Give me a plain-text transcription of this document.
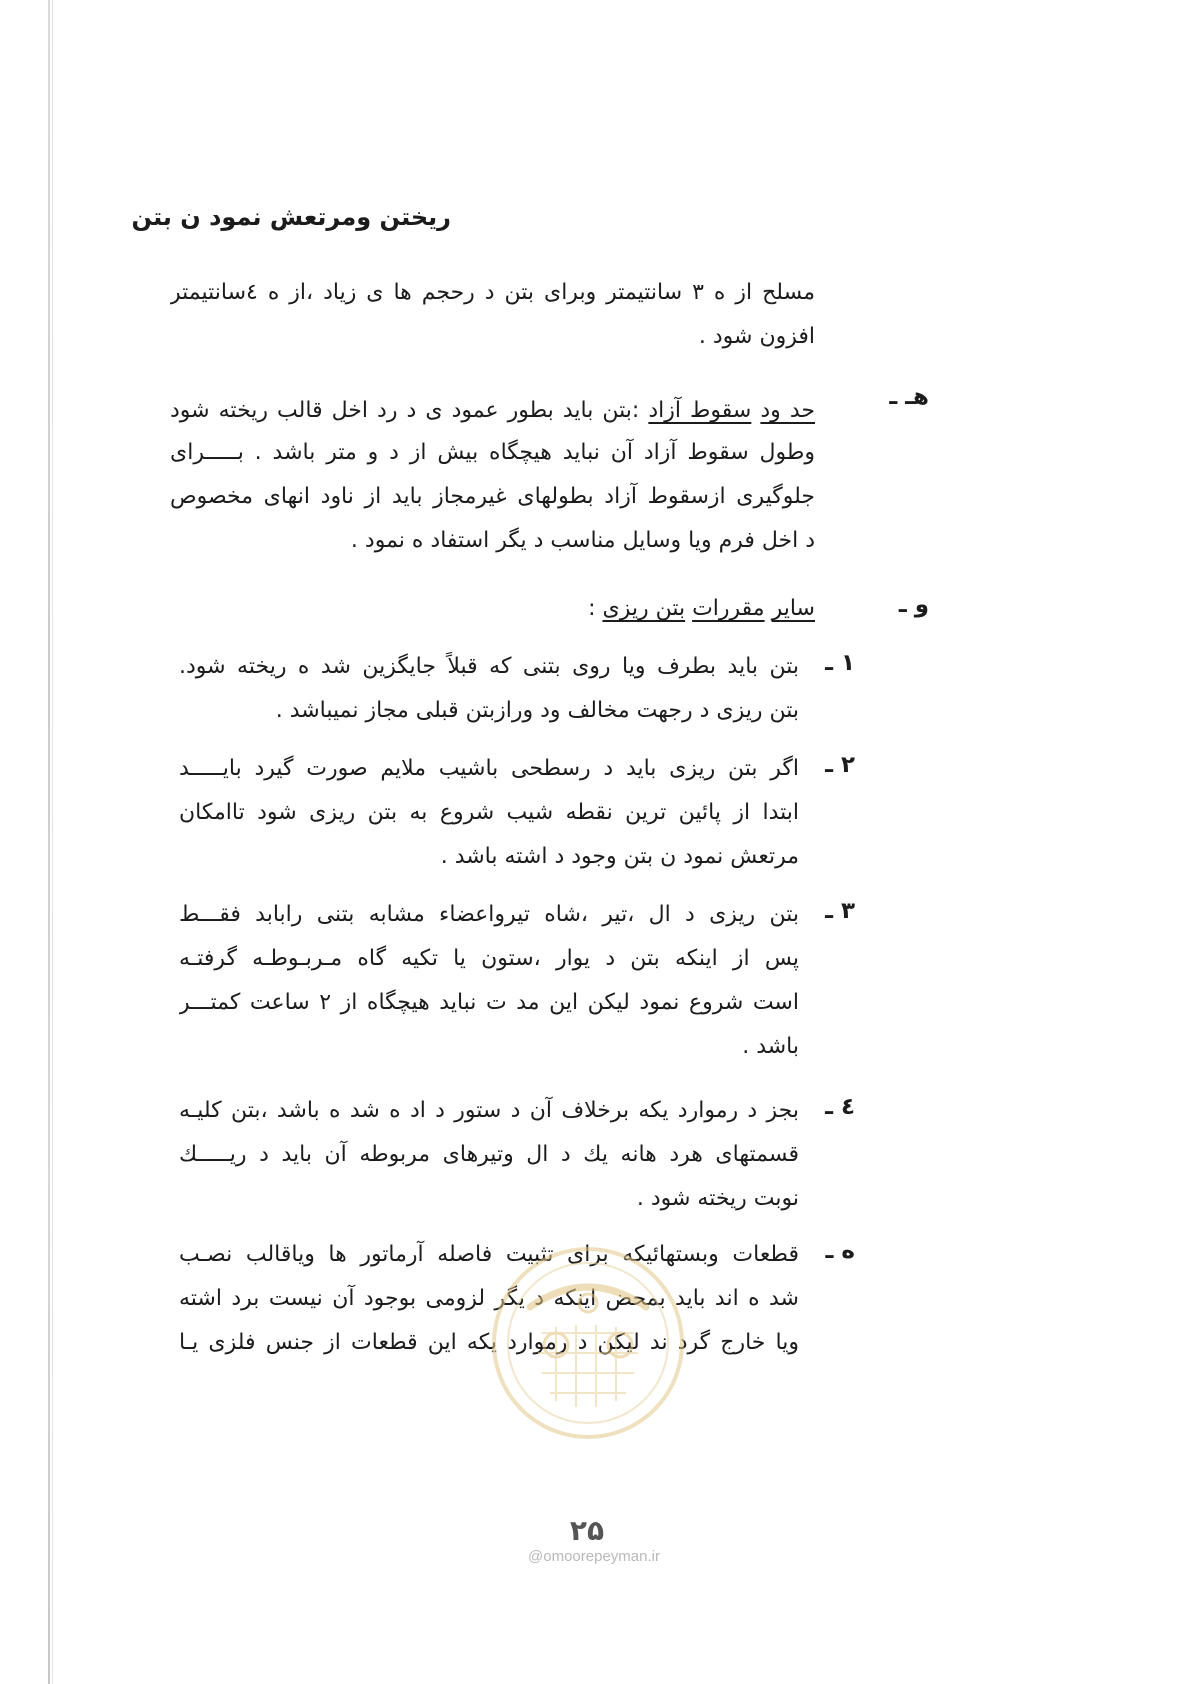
ریختن ومرتعش نمود ن بتن
مسلح از ه ۳ سانتیمتر وبرای بتن د رحجم ها ی زیاد ،از ه ٤سانتیمتر
افزون شود .
هـ ـ
حد ود سقوط آزاد :بتن باید بطور عمود ی د رد اخل قالب ریخته شود
وطول سقوط آزاد آن نباید هیچگاه بیش از د و متر باشد . بـــــرای
جلوگیری ازسقوط آزاد بطولهای غیرمجاز باید از ناود انهای مخصوص
د اخل فرم ویا وسایل مناسب د یگر استفاد ه نمود .
و ـ
سایر مقررات بتن ریزی :
۱ ـ
بتن باید بطرف ویا روی بتنی که قبلاً جایگزین شد ه ریخته شود.
بتن ریزی د رجهت مخالف ود ورازبتن قبلی مجاز نمیباشد .
۲ ـ
اگر بتن ریزی باید د رسطحی باشیب ملایم صورت گیرد بایـــــد
ابتدا از پائین ترین نقطه شیب شروع به بتن ریزی شود تاامکان
مرتعش نمود ن بتن وجود د اشته باشد .
۳ ـ
بتن ریزی د ال ،تیر ،شاه تیرواعضاء مشابه بتنی رابابد فقـــط
پس از اینکه بتن د یوار ،ستون یا تکیه گاه مـربـوطـه گرفتـه
است شروع نمود لیکن این مد ت نباید هیچگاه از ۲ ساعت کمتـــر
باشد .
٤ ـ
بجز د رموارد یکه برخلاف آن د ستور د اد ه شد ه باشد ،بتن کلیـه
قسمتهای هرد هانه یك د ال وتیرهای مربوطه آن باید د ریـــــك
نوبت ریخته شود .
ه ـ
قطعات وبستهائیکه برای تثبیت فاصله آرماتور ها ویاقالب نصـب
شد ه اند باید بمحض اینکه د یگر لزومی بوجود آن نیست برد اشته
ویا خارج گرد ند لیکن د رموارد یکه این قطعات از جنس فلزی یـا
۲۵
@omoorepeyman.ir
